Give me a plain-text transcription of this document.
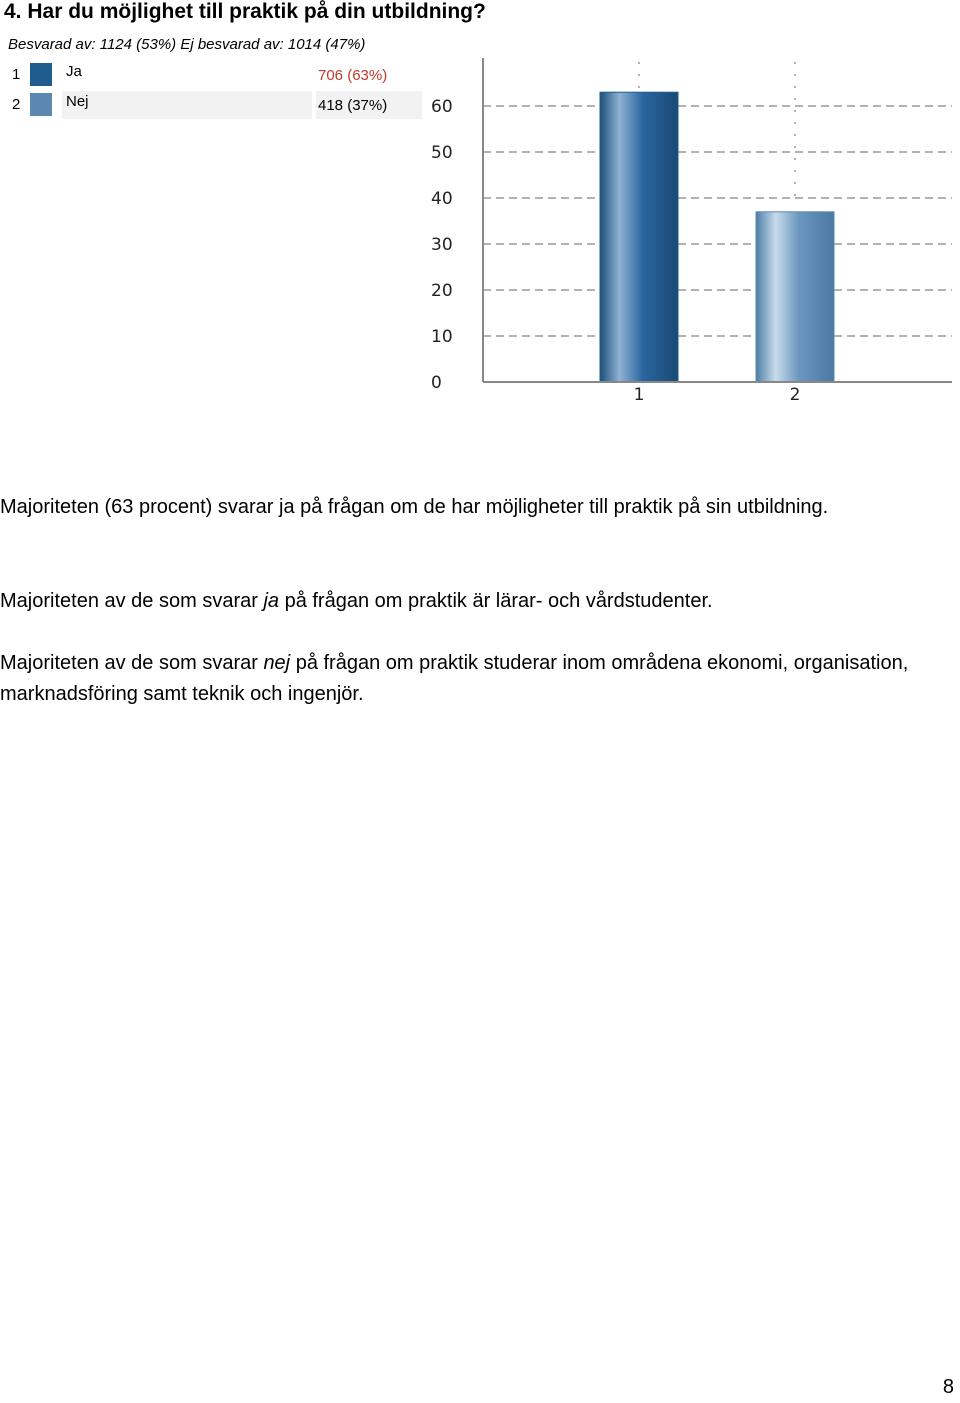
4. Har du möjlighet till praktik på din utbildning?
Besvarad av: 1124 (53%) Ej besvarad av: 1014 (47%)
1	Ja	706 (63%)
2	Nej	418 (37%)
0
10
20
30
40
50
60
1	2
Majoriteten (63 procent) svarar ja på frågan om de har möjligheter till praktik på sin utbildning.
Majoriteten av de som svarar ja på frågan om praktik är lärar- och vårdstudenter.
Majoriteten av de som svarar nej på frågan om praktik studerar inom områdena ekonomi, organisation, marknadsföring samt teknik och ingenjör.
8
